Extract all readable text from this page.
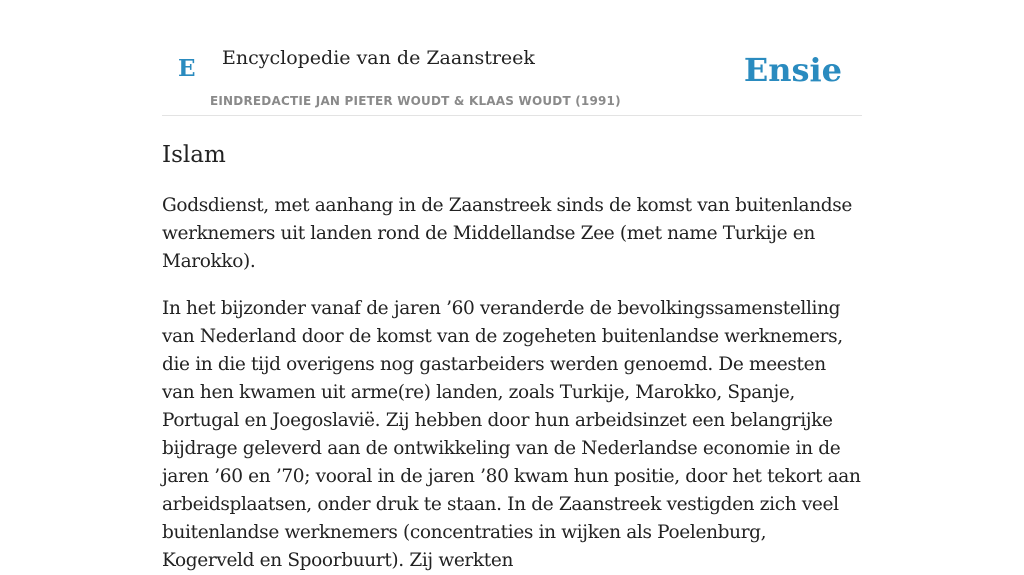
E Encyclopedie van de Zaanstreek
EINDREDACTIE JAN PIETER WOUDT & KLAAS WOUDT (1991)
Ensie
Islam

Godsdienst, met aanhang in de Zaanstreek sinds de komst van buitenlandse werknemers uit landen rond de Middellandse Zee (met name Turkije en Marokko).

In het bijzonder vanaf de jaren ’60 veranderde de bevolkingssamenstelling van Nederland door de komst van de zogeheten buitenlandse werknemers, die in die tijd overigens nog gastarbeiders werden genoemd. De meesten van hen kwamen uit arme(re) landen, zoals Turkije, Marokko, Spanje, Portugal en Joegoslavië. Zij hebben door hun arbeidsinzet een belangrijke bijdrage geleverd aan de ontwikkeling van de Nederlandse economie in de jaren ’60 en ’70; vooral in de jaren ’80 kwam hun positie, door het tekort aan arbeidsplaatsen, onder druk te staan. In de Zaanstreek vestigden zich veel buitenlandse werknemers (concentraties in wijken als Poelenburg, Kogerveld en Spoorbuurt). Zij werkten
